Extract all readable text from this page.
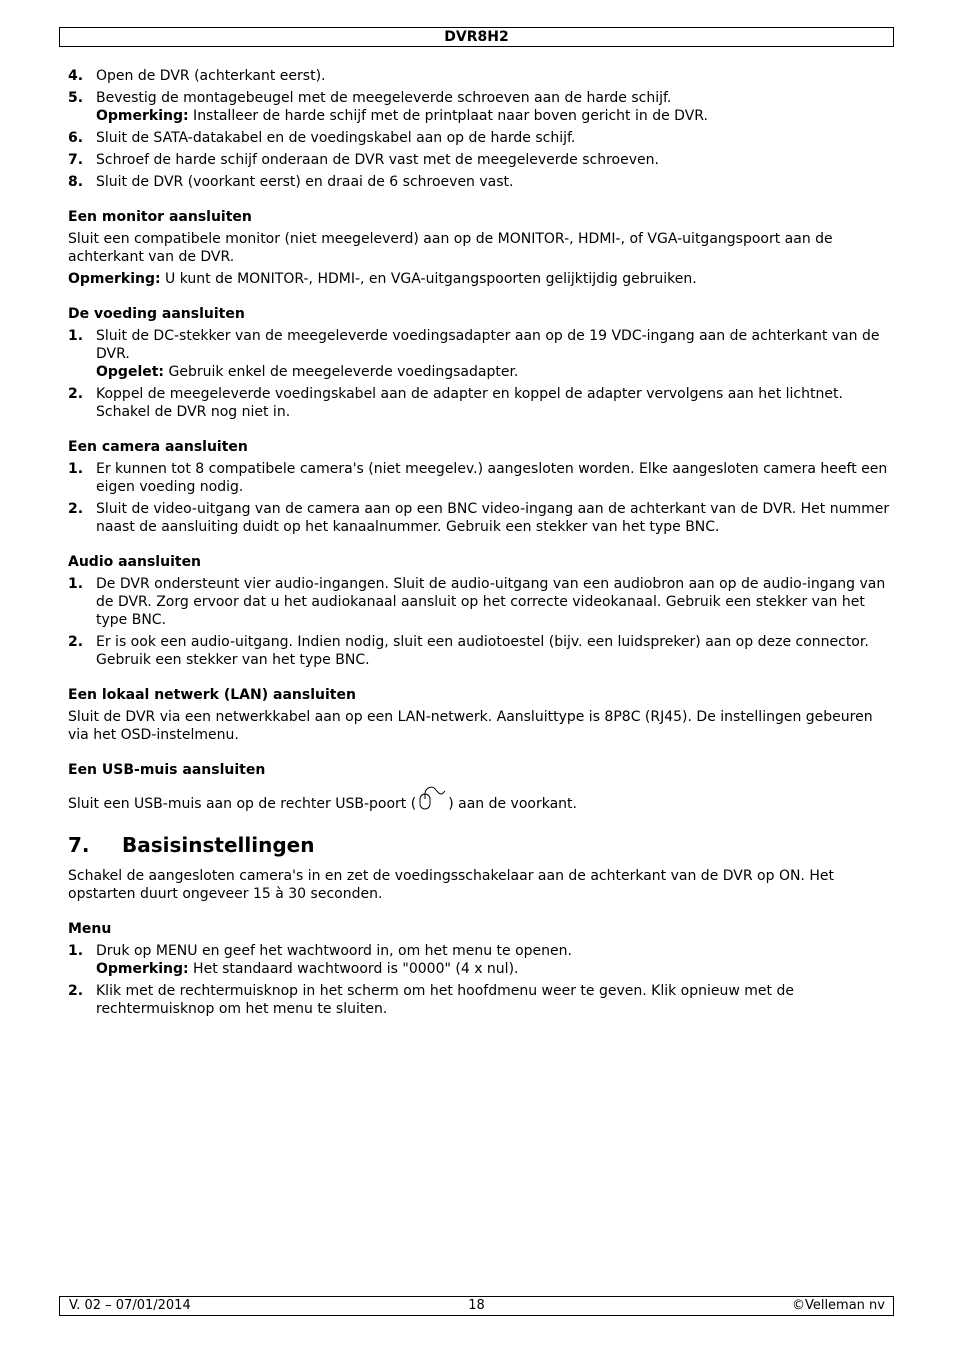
DVR8H2
4. Open de DVR (achterkant eerst).
5. Bevestig de montagebeugel met de meegeleverde schroeven aan de harde schijf.
Opmerking: Installeer de harde schijf met de printplaat naar boven gericht in de DVR.
6. Sluit de SATA-datakabel en de voedingskabel aan op de harde schijf.
7. Schroef de harde schijf onderaan de DVR vast met de meegeleverde schroeven.
8. Sluit de DVR (voorkant eerst) en draai de 6 schroeven vast.
Een monitor aansluiten
Sluit een compatibele monitor (niet meegeleverd) aan op de MONITOR-, HDMI-, of VGA-uitgangspoort aan de achterkant van de DVR.
Opmerking: U kunt de MONITOR-, HDMI-, en VGA-uitgangspoorten gelijktijdig gebruiken.
De voeding aansluiten
1. Sluit de DC-stekker van de meegeleverde voedingsadapter aan op de 19 VDC-ingang aan de achterkant van de DVR.
Opgelet: Gebruik enkel de meegeleverde voedingsadapter.
2. Koppel de meegeleverde voedingskabel aan de adapter en koppel de adapter vervolgens aan het lichtnet. Schakel de DVR nog niet in.
Een camera aansluiten
1. Er kunnen tot 8 compatibele camera's (niet meegelev.) aangesloten worden. Elke aangesloten camera heeft een eigen voeding nodig.
2. Sluit de video-uitgang van de camera aan op een BNC video-ingang aan de achterkant van de DVR. Het nummer naast de aansluiting duidt op het kanaalnummer. Gebruik een stekker van het type BNC.
Audio aansluiten
1. De DVR ondersteunt vier audio-ingangen. Sluit de audio-uitgang van een audiobron aan op de audio-ingang van de DVR. Zorg ervoor dat u het audiokanaal aansluit op het correcte videokanaal. Gebruik een stekker van het type BNC.
2. Er is ook een audio-uitgang. Indien nodig, sluit een audiotoestel (bijv. een luidspreker) aan op deze connector. Gebruik een stekker van het type BNC.
Een lokaal netwerk (LAN) aansluiten
Sluit de DVR via een netwerkkabel aan op een LAN-netwerk. Aansluittype is 8P8C (RJ45). De instellingen gebeuren via het OSD-instelmenu.
Een USB-muis aansluiten
Sluit een USB-muis aan op de rechter USB-poort ( ) aan de voorkant.
7.	Basisinstellingen
Schakel de aangesloten camera's in en zet de voedingsschakelaar aan de achterkant van de DVR op ON. Het opstarten duurt ongeveer 15 à 30 seconden.
Menu
1. Druk op MENU en geef het wachtwoord in, om het menu te openen.
Opmerking: Het standaard wachtwoord is "0000" (4 x nul).
2. Klik met de rechtermuisknop in het scherm om het hoofdmenu weer te geven. Klik opnieuw met de rechtermuisknop om het menu te sluiten.
V. 02 – 07/01/2014	18	©Velleman nv
